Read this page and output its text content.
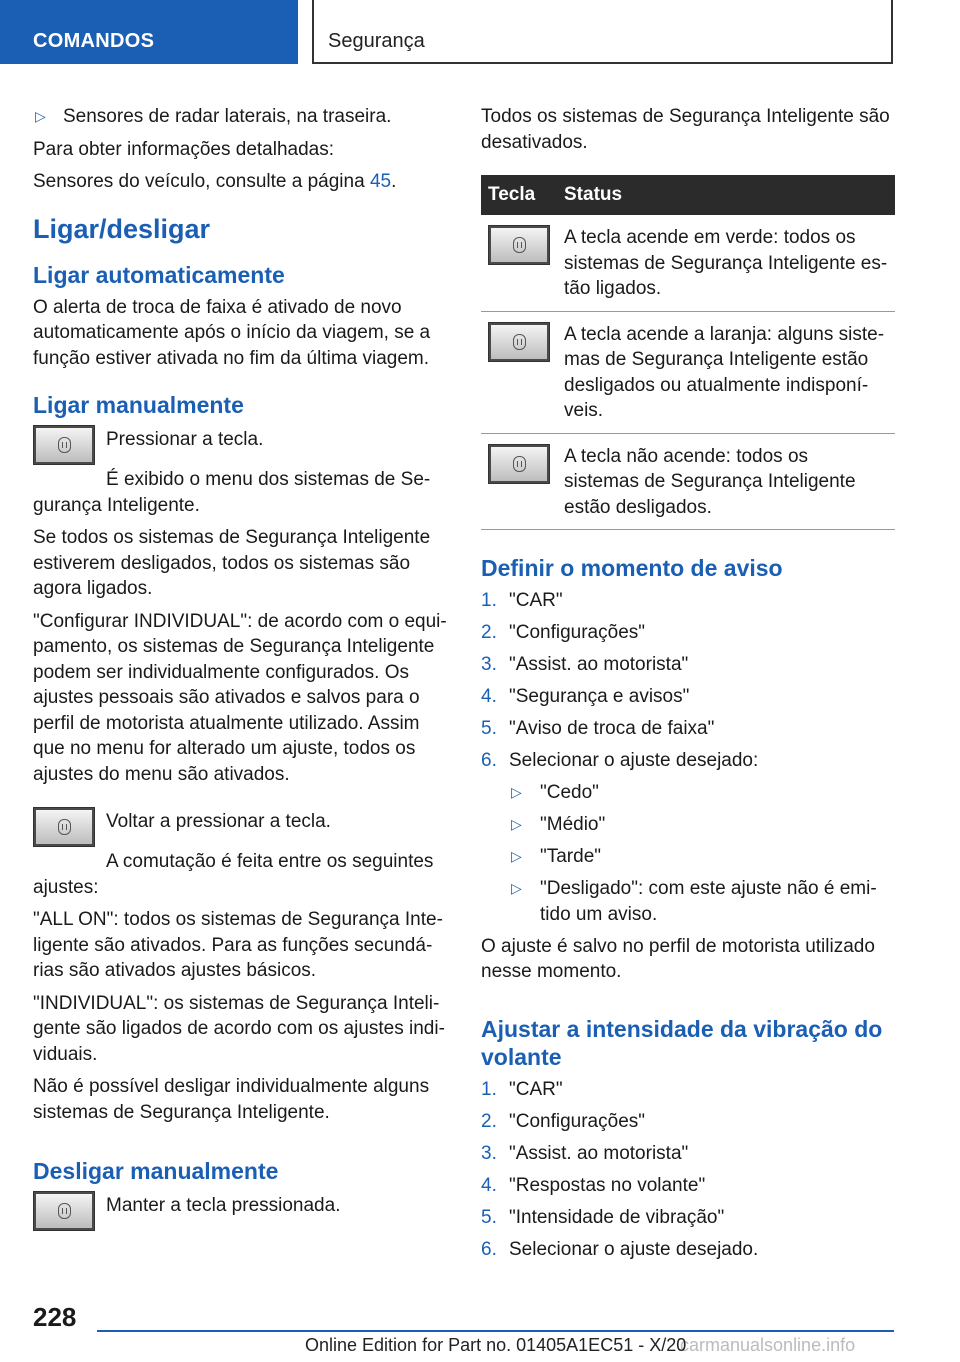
COMANDOS	Segurança
▷ Sensores de radar laterais, na traseira.

Para obter informações detalhadas:

Sensores do veículo, consulte a página 45.

Ligar/desligar
Ligar automaticamente

O alerta de troca de faixa é ativado de novo automaticamente após o início da viagem, se a função estiver ativada no fim da última viagem.

Ligar manualmente

Pressionar a tecla.

É exibido o menu dos sistemas de Segurança Inteligente.

Se todos os sistemas de Segurança Inteligente estiverem desligados, todos os sistemas são agora ligados.

"Configurar INDIVIDUAL": de acordo com o equipamento, os sistemas de Segurança Inteligente podem ser individualmente configurados. Os ajustes pessoais são ativados e salvos para o perfil de motorista atualmente utilizado. Assim que no menu for alterado um ajuste, todos os ajustes do menu são ativados.

Voltar a pressionar a tecla.

A comutação é feita entre os seguintes ajustes:

"ALL ON": todos os sistemas de Segurança Inteligente são ativados. Para as funções secundárias são ativados ajustes básicos.

"INDIVIDUAL": os sistemas de Segurança Inteligente são ligados de acordo com os ajustes individuais.

Não é possível desligar individualmente alguns sistemas de Segurança Inteligente.

Desligar manualmente

Manter a tecla pressionada.

Todos os sistemas de Segurança Inteligente são desativados.

Tecla	Status

	A tecla acende em verde: todos os sistemas de Segurança Inteligente estão ligados.

	A tecla acende a laranja: alguns sistemas de Segurança Inteligente estão desligados ou atualmente indisponíveis.

	A tecla não acende: todos os sistemas de Segurança Inteligente estão desligados.
Definir o momento de aviso
1. "CAR"
2. "Configurações"
3. "Assist. ao motorista"
4. "Segurança e avisos"
5. "Aviso de troca de faixa"
6. Selecionar o ajuste desejado:
▷ "Cedo"
▷ "Médio"
▷ "Tarde"
▷ "Desligado": com este ajuste não é emitido um aviso.

O ajuste é salvo no perfil de motorista utilizado nesse momento.

Ajustar a intensidade da vibração do volante
1. "CAR"
2. "Configurações"
3. "Assist. ao motorista"
4. "Respostas no volante"
5. "Intensidade de vibração"
6. Selecionar o ajuste desejado.
228
carmanualsonline.info
Online Edition for Part no. 01405A1EC51 - X/20
